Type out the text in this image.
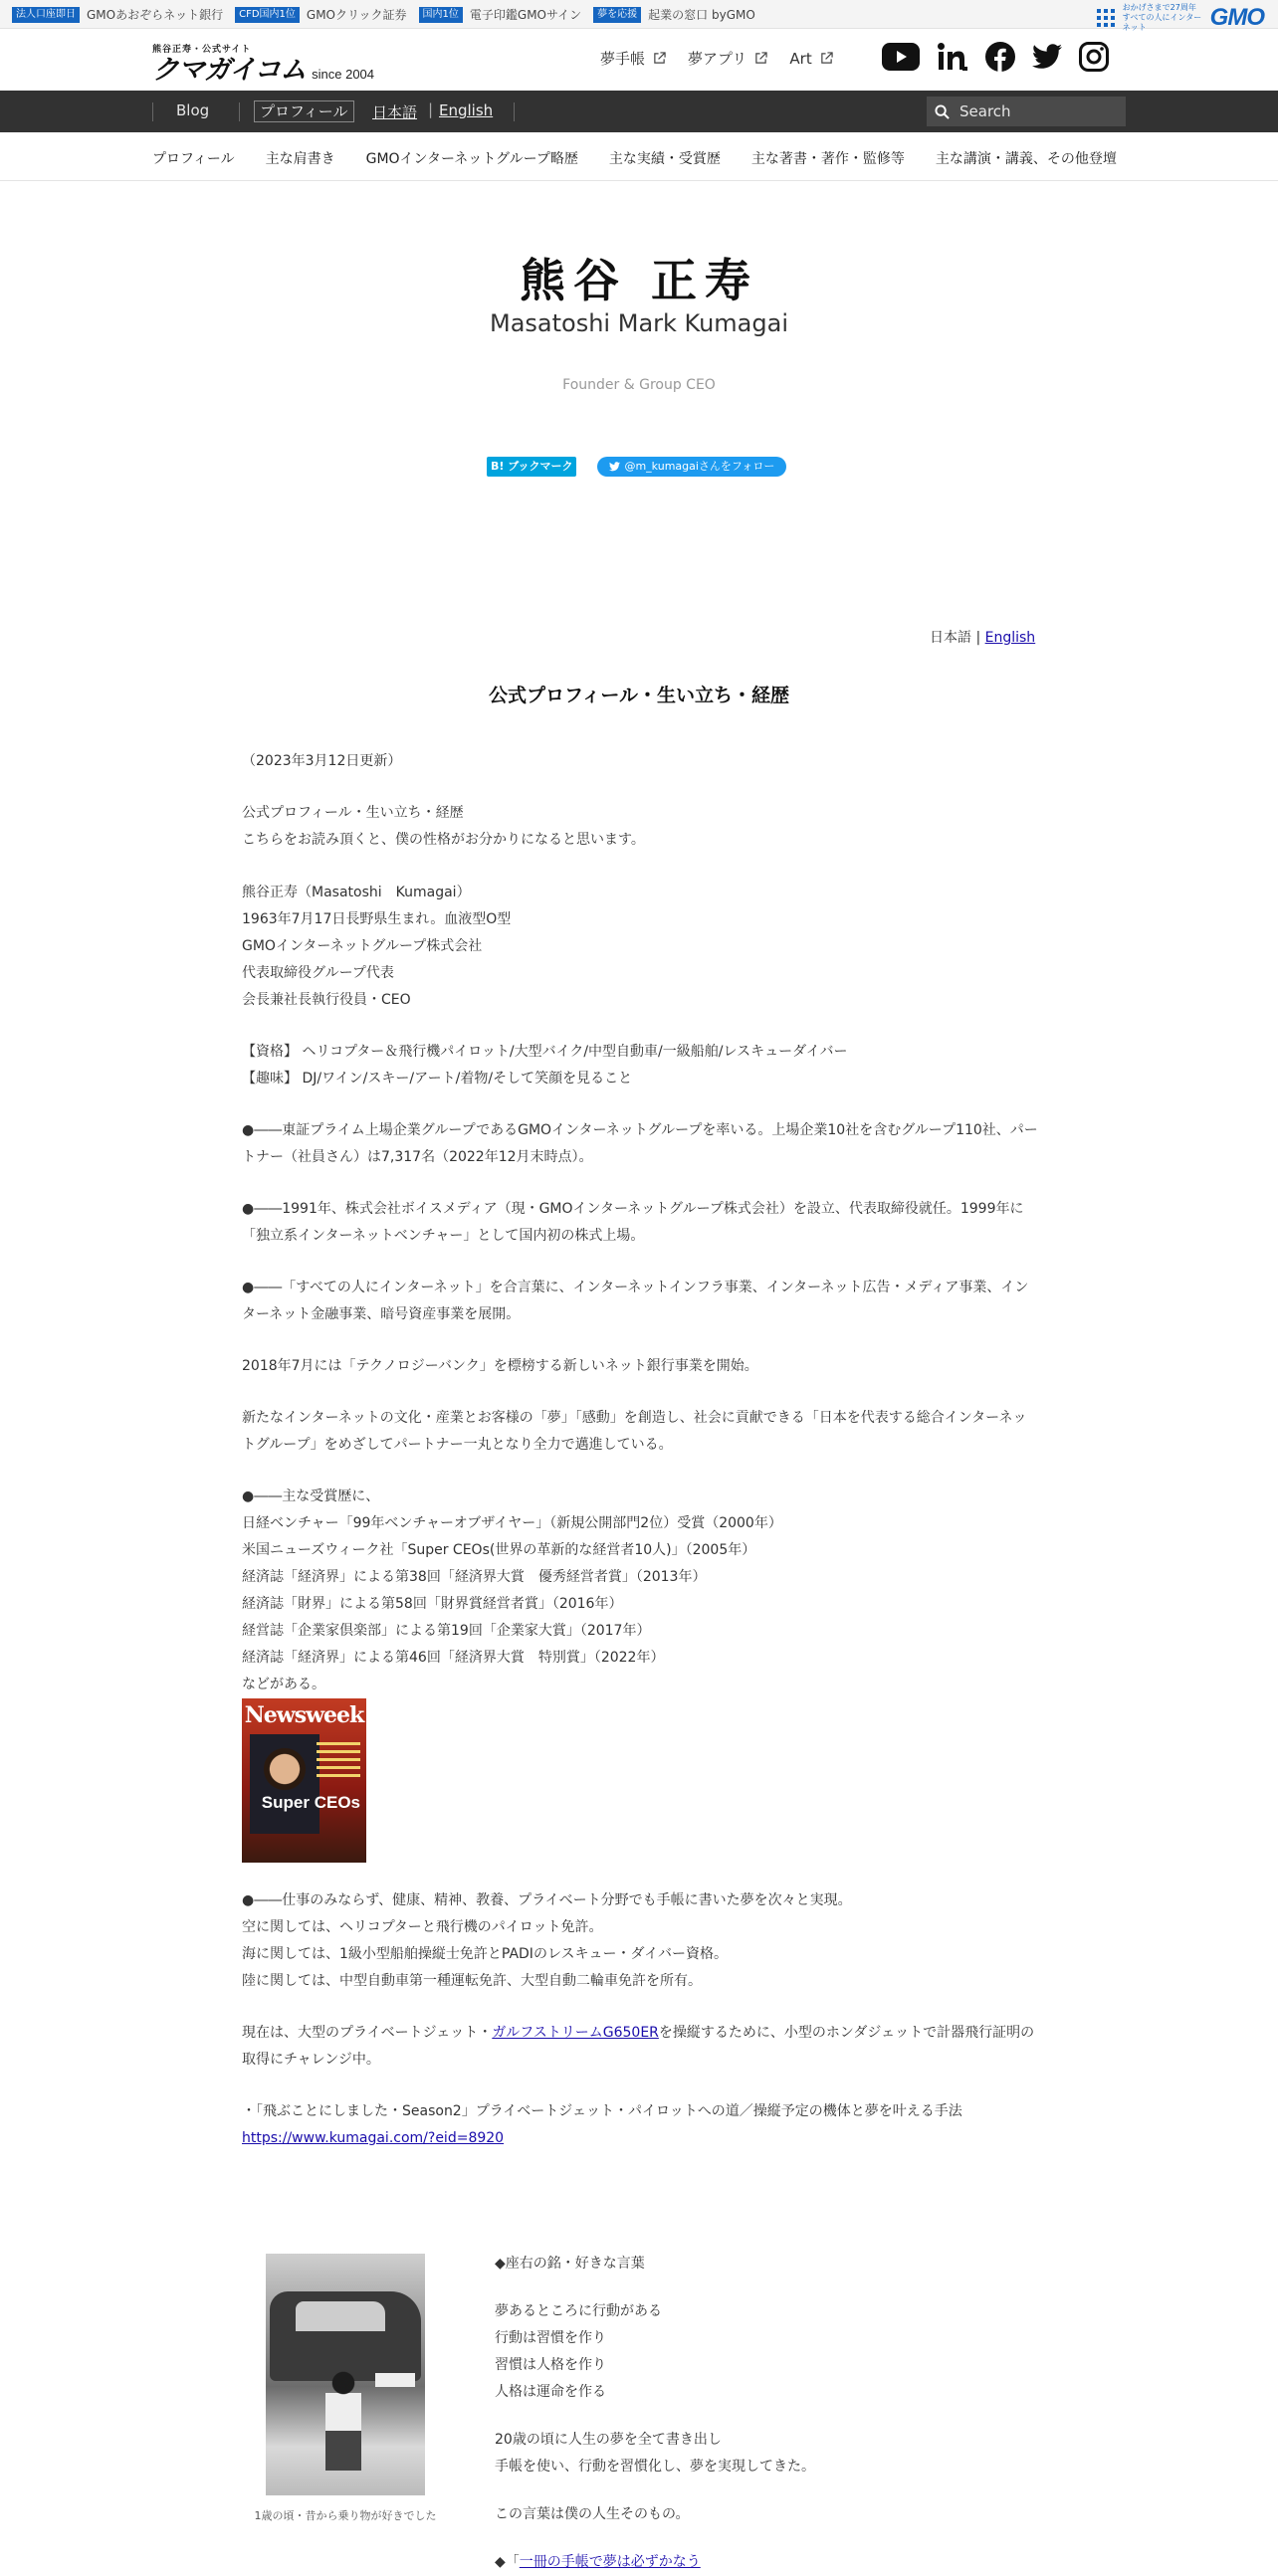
法人口座即日 GMOあおぞらネット銀行	CFD国内1位 GMOクリック証券	国内1位 電子印鑑GMOサイン	夢を応援 起業の窓口 byGMO
おかげさまで27周年 すべての人にインターネット	GMO
熊谷正寿・公式サイト
クマガイコム since 2004
夢手帳	夢アプリ	Art
Blog	プロフィール	日本語 | English
Search
プロフィール 主な肩書き GMOインターネットグループ略歴 主な実績・受賞歴 主な著書・著作・監修等 主な講演・講義、その他登壇
熊谷 正寿
Masatoshi Mark Kumagai
Founder & Group CEO
B! ブックマーク	@m_kumagaiさんをフォロー
日本語 | English
公式プロフィール・生い立ち・経歴
（2023年3月12日更新）
公式プロフィール・生い立ち・経歴
こちらをお読み頂くと、僕の性格がお分かりになると思います。
熊谷正寿（Masatoshi　Kumagai）
1963年7月17日長野県生まれ。血液型O型
GMOインターネットグループ株式会社
代表取締役グループ代表
会長兼社長執行役員・CEO
【資格】 ヘリコプター＆飛行機パイロット/大型バイク/中型自動車/一級船舶/レスキューダイバー
【趣味】 DJ/ワイン/スキー/アート/着物/そして笑顔を見ること
●――東証プライム上場企業グループであるGMOインターネットグループを率いる。上場企業10社を含むグループ110社、パートナー（社員さん）は7,317名（2022年12月末時点）。
●――1991年、株式会社ボイスメディア（現・GMOインターネットグループ株式会社）を設立、代表取締役就任。1999年に「独立系インターネットベンチャー」として国内初の株式上場。
●――「すべての人にインターネット」を合言葉に、インターネットインフラ事業、インターネット広告・メディア事業、インターネット金融事業、暗号資産事業を展開。
2018年7月には「テクノロジーバンク」を標榜する新しいネット銀行事業を開始。
新たなインターネットの文化・産業とお客様の「夢」「感動」を創造し、社会に貢献できる「日本を代表する総合インターネットグループ」をめざしてパートナー一丸となり全力で邁進している。
●――主な受賞歴に、
日経ベンチャー「99年ベンチャーオブザイヤー」（新規公開部門2位）受賞（2000年）
米国ニューズウィーク社「Super CEOs(世界の革新的な経営者10人)」（2005年）
経済誌「経済界」による第38回「経済界大賞　優秀経営者賞」（2013年）
経済誌「財界」による第58回「財界賞経営者賞」（2016年）
経営誌「企業家倶楽部」による第19回「企業家大賞」（2017年）
経済誌「経済界」による第46回「経済界大賞　特別賞」（2022年）
などがある。
Newsweek
Super CEOs
●――仕事のみならず、健康、精神、教養、プライベート分野でも手帳に書いた夢を次々と実現。
空に関しては、ヘリコプターと飛行機のパイロット免許。
海に関しては、1級小型船舶操縦士免許とPADIのレスキュー・ダイバー資格。
陸に関しては、中型自動車第一種運転免許、大型自動二輪車免許を所有。
現在は、大型のプライベートジェット・ガルフストリームG650ERを操縦するために、小型のホンダジェットで計器飛行証明の取得にチャレンジ中。
・「飛ぶことにしました・Season2」プライベートジェット・パイロットへの道／操縦予定の機体と夢を叶える手法
https://www.kumagai.com/?eid=8920
1歳の頃・昔から乗り物が好きでした
◆座右の銘・好きな言葉
夢あるところに行動がある
行動は習慣を作り
習慣は人格を作り
人格は運命を作る
20歳の頃に人生の夢を全て書き出し
手帳を使い、行動を習慣化し、夢を実現してきた。
この言葉は僕の人生そのもの。
◆「一冊の手帳で夢は必ずかなう
